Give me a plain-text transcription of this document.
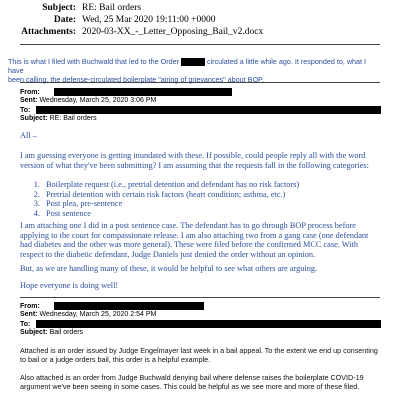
Subject: RE: Bail orders
Date: Wed, 25 Mar 2020 19:11:00 +0000
Attachments: 2020-03-XX_-_Letter_Opposing_Bail_v2.docx
This is what I filed with Buchwald that led to the Order	circulated a little while ago. It responded to, what I have
been calling, the defense-circulated boilerplate "airing of grievances" about BOP.
From:
Sent: Wednesday, March 25, 2020 3:06 PM
To:
Subject: RE: Bail orders
All –
I am guessing everyone is getting inundated with these. If possible, could people reply all with the word version of what they've been submitting? I am assuming that the requests fall in the following categories:
1. Boilerplate request (i.e., pretrial detention and defendant has no risk factors)
2. Pretrial detention with certain risk factors (heart condition; asthma, etc.)
3. Post plea, pre-sentence
4. Post sentence
I am attaching one I did in a post sentence case. The defendant has to go through BOP process before applying to the court for compassionate release. I am also attaching two from a gang case (one defendant had diabetes and the other was more general). These were filed before the confirmed MCC case. With respect to the diabetic defendant, Judge Daniels just denied the order without an opinion.
But, as we are handling many of these, it would be helpful to see what others are arguing.
Hope everyone is doing well!
From:
Sent: Wednesday, March 25, 2020 2:54 PM
To:
Subject: Bail orders
Attached is an order issued by Judge Engelmayer last week in a bail appeal. To the extent we end up consenting to bail or a judge orders bail, this order is a helpful example.
Also attached is an order from Judge Buchwald denying bail where defense raises the boilerplate COVID-19 argument we've been seeing in some cases. This could be helpful as we see more and more of these filed.
